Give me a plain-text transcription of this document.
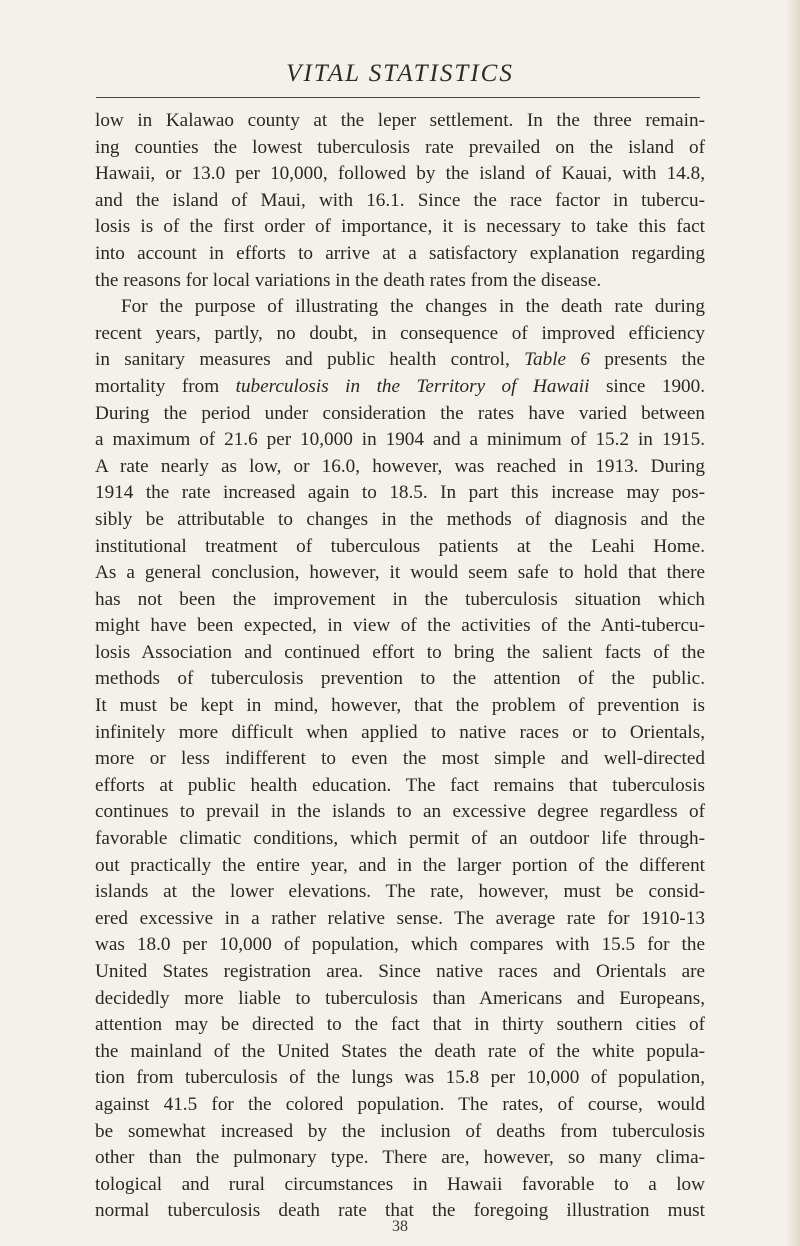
VITAL STATISTICS
low in Kalawao county at the leper settlement. In the three remain-
ing counties the lowest tuberculosis rate prevailed on the island of
Hawaii, or 13.0 per 10,000, followed by the island of Kauai, with 14.8,
and the island of Maui, with 16.1. Since the race factor in tubercu-
losis is of the first order of importance, it is necessary to take this fact
into account in efforts to arrive at a satisfactory explanation regarding
the reasons for local variations in the death rates from the disease.
For the purpose of illustrating the changes in the death rate during
recent years, partly, no doubt, in consequence of improved efficiency
in sanitary measures and public health control, Table 6 presents the
mortality from tuberculosis in the Territory of Hawaii since 1900.
During the period under consideration the rates have varied between
a maximum of 21.6 per 10,000 in 1904 and a minimum of 15.2 in 1915.
A rate nearly as low, or 16.0, however, was reached in 1913. During
1914 the rate increased again to 18.5. In part this increase may pos-
sibly be attributable to changes in the methods of diagnosis and the
institutional treatment of tuberculous patients at the Leahi Home.
As a general conclusion, however, it would seem safe to hold that there
has not been the improvement in the tuberculosis situation which
might have been expected, in view of the activities of the Anti-tubercu-
losis Association and continued effort to bring the salient facts of the
methods of tuberculosis prevention to the attention of the public.
It must be kept in mind, however, that the problem of prevention is
infinitely more difficult when applied to native races or to Orientals,
more or less indifferent to even the most simple and well-directed
efforts at public health education. The fact remains that tuberculosis
continues to prevail in the islands to an excessive degree regardless of
favorable climatic conditions, which permit of an outdoor life through-
out practically the entire year, and in the larger portion of the different
islands at the lower elevations. The rate, however, must be consid-
ered excessive in a rather relative sense. The average rate for 1910-13
was 18.0 per 10,000 of population, which compares with 15.5 for the
United States registration area. Since native races and Orientals are
decidedly more liable to tuberculosis than Americans and Europeans,
attention may be directed to the fact that in thirty southern cities of
the mainland of the United States the death rate of the white popula-
tion from tuberculosis of the lungs was 15.8 per 10,000 of population,
against 41.5 for the colored population. The rates, of course, would
be somewhat increased by the inclusion of deaths from tuberculosis
other than the pulmonary type. There are, however, so many clima-
tological and rural circumstances in Hawaii favorable to a low
normal tuberculosis death rate that the foregoing illustration must
38
